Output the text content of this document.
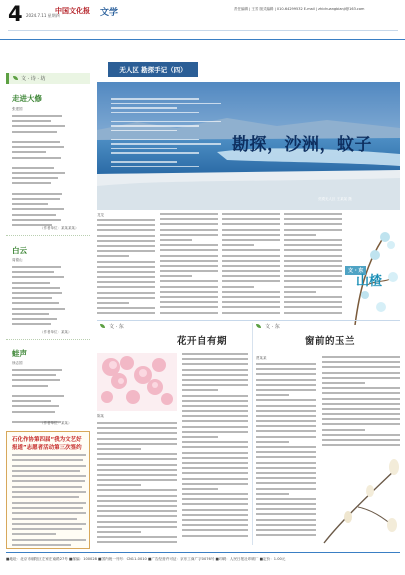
4 2024.7.11 星期四
中国文化报 文学	责任编辑 | 王芳 版式编辑 | 010-64299532 E-mail | zhichuangbianji@163.com
文 · 诗 · 坊
走进大修
张建国
（作者单位：某某某某）
白云
周德山
（作者单位：某某）
蛙声
徐志国
（作者单位：某某）
石化作协第四届“我为文艺好报道”志愿者活动第三次签约
无人区 勘探手记（四）
勘探，沙洲，蚊子
荒漠无人区 王某某 摄
龙龙
文 · 东
山楂
文 · 东	文 · 东
花开自有期	窗前的玉兰
陈某
贾某某
■地址：北京市朝阳区左家庄南路27号 ■邮编：100028 ■国内统一刊号：CN11-0010 ■广告经营许可证：京东工商广字0076号 ■印刷：人民日报社印刷厂 ■定价：1.00元
